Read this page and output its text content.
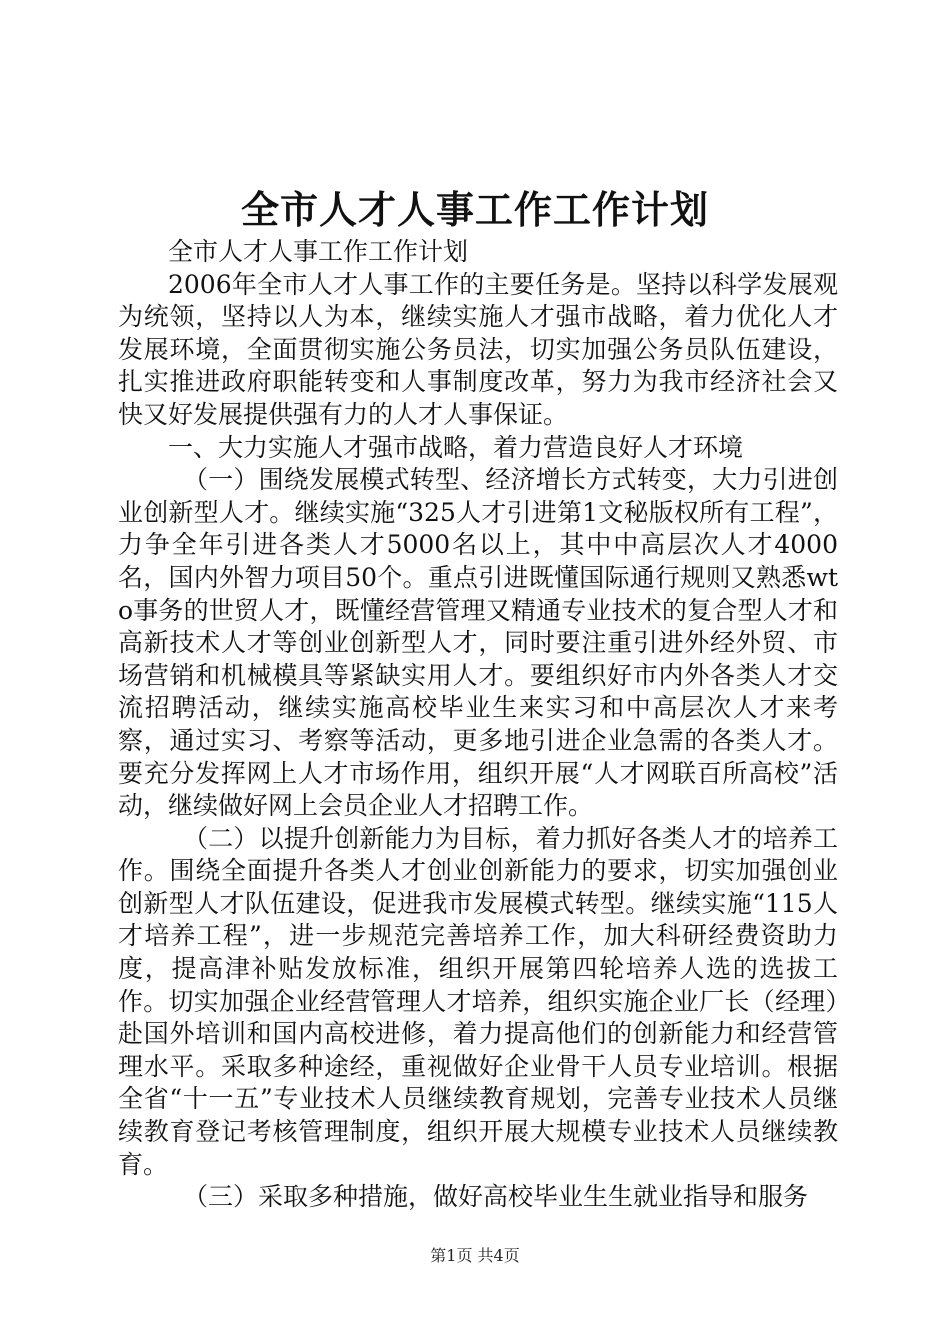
全市人才人事工作工作计划

全市人才人事工作工作计划

2006年全市人才人事工作的主要任务是。坚持以科学发展观为统领，坚持以人为本，继续实施人才强市战略，着力优化人才发展环境，全面贯彻实施公务员法，切实加强公务员队伍建设，扎实推进政府职能转变和人事制度改革，努力为我市经济社会又快又好发展提供强有力的人才人事保证。

一、大力实施人才强市战略，着力营造良好人才环境

（一）围绕发展模式转型、经济增长方式转变，大力引进创业创新型人才。继续实施“325人才引进第1文秘版权所有工程”，力争全年引进各类人才5000名以上，其中中高层次人才4000名，国内外智力项目50个。重点引进既懂国际通行规则又熟悉wto事务的世贸人才，既懂经营管理又精通专业技术的复合型人才和高新技术人才等创业创新型人才，同时要注重引进外经外贸、市场营销和机械模具等紧缺实用人才。要组织好市内外各类人才交流招聘活动，继续实施高校毕业生来实习和中高层次人才来考察，通过实习、考察等活动，更多地引进企业急需的各类人才。要充分发挥网上人才市场作用，组织开展“人才网联百所高校”活动，继续做好网上会员企业人才招聘工作。

（二）以提升创新能力为目标，着力抓好各类人才的培养工作。围绕全面提升各类人才创业创新能力的要求，切实加强创业创新型人才队伍建设，促进我市发展模式转型。继续实施“115人才培养工程”，进一步规范完善培养工作，加大科研经费资助力度，提高津补贴发放标准，组织开展第四轮培养人选的选拔工作。切实加强企业经营管理人才培养，组织实施企业厂长（经理）赴国外培训和国内高校进修，着力提高他们的创新能力和经营管理水平。采取多种途经，重视做好企业骨干人员专业培训。根据全省“十一五”专业技术人员继续教育规划，完善专业技术人员继续教育登记考核管理制度，组织开展大规模专业技术人员继续教育。

（三）采取多种措施，做好高校毕业生生就业指导和服务

第1页 共4页
